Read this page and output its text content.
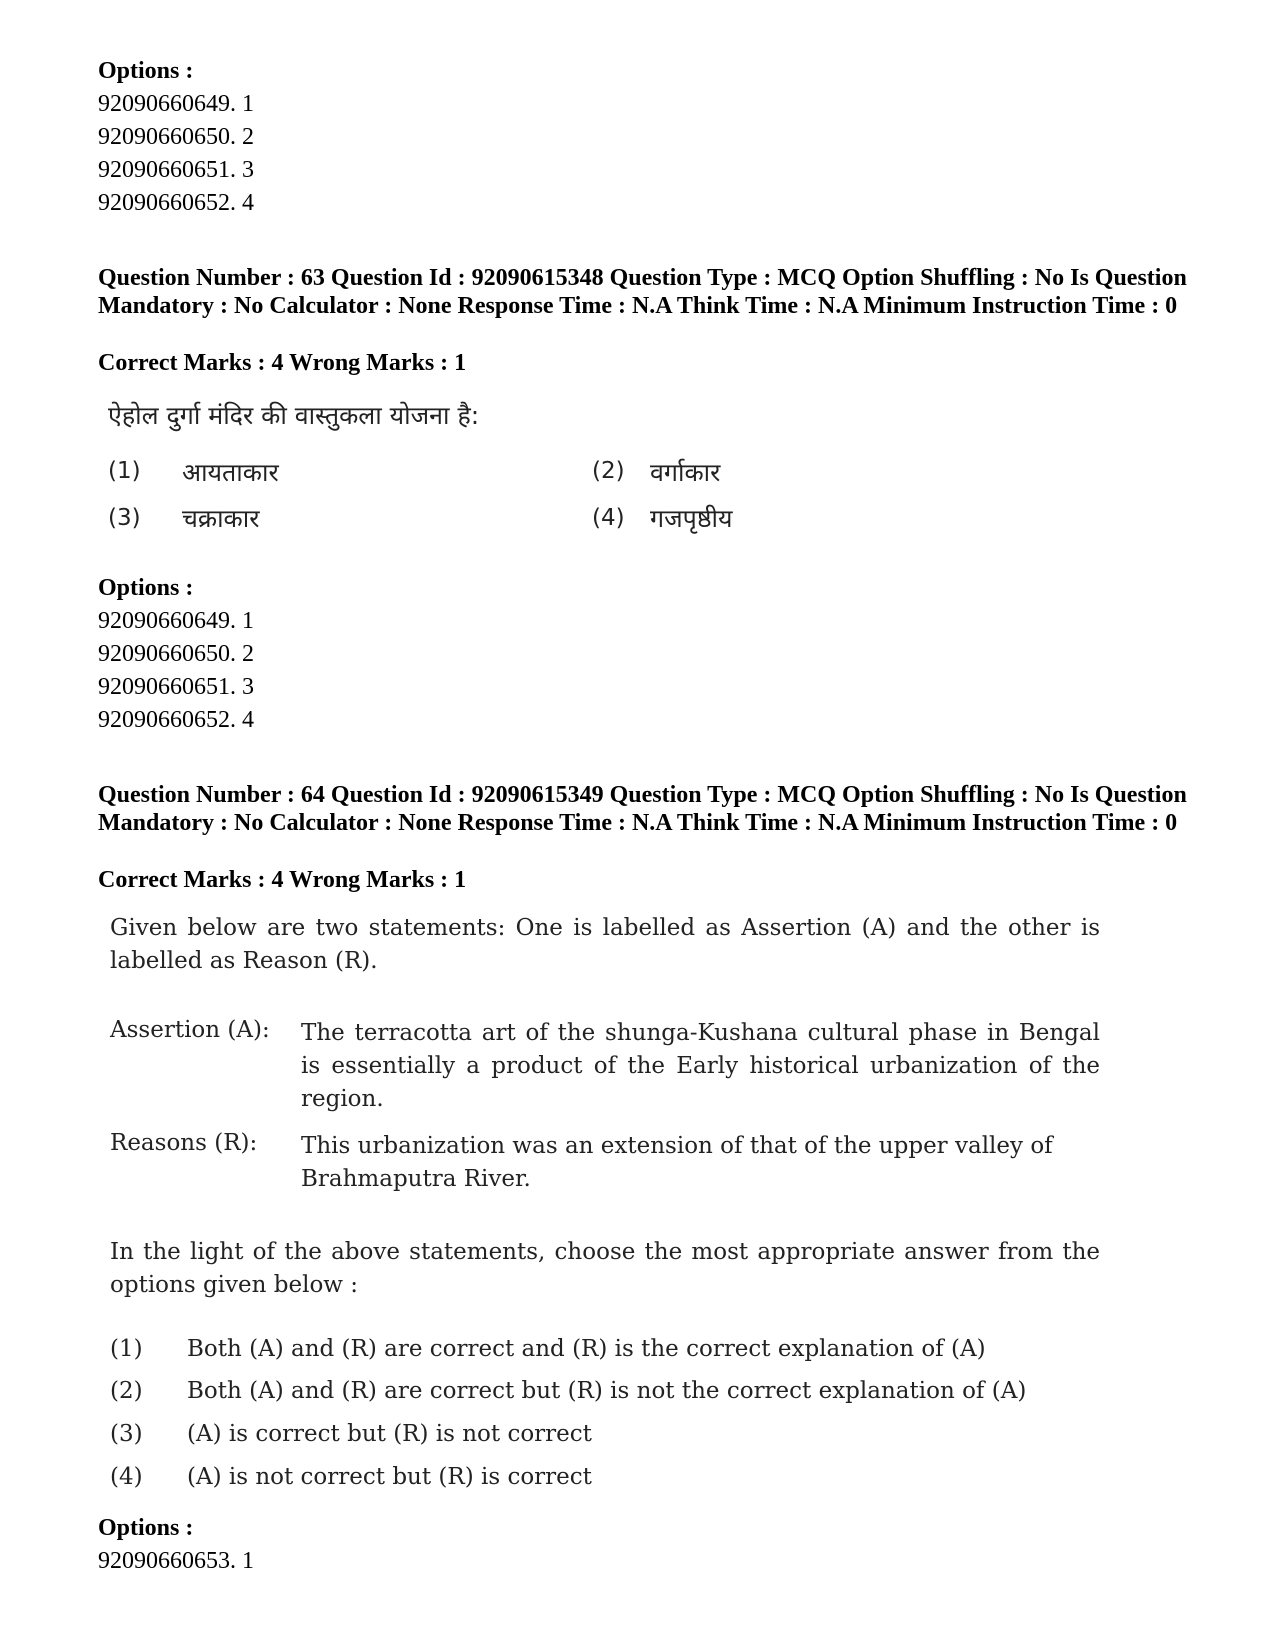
Options :
92090660649. 1
92090660650. 2
92090660651. 3
92090660652. 4
Question Number : 63 Question Id : 92090615348 Question Type : MCQ Option Shuffling : No Is Question Mandatory : No Calculator : None Response Time : N.A Think Time : N.A Minimum Instruction Time : 0
Correct Marks : 4 Wrong Marks : 1
ऐहोल दुर्गा मंदिर की वास्तुकला योजना है:
(1) आयताकार	(2) वर्गाकार
(3) चक्राकार	(4) गजपृष्ठीय
Options :
92090660649. 1
92090660650. 2
92090660651. 3
92090660652. 4
Question Number : 64 Question Id : 92090615349 Question Type : MCQ Option Shuffling : No Is Question Mandatory : No Calculator : None Response Time : N.A Think Time : N.A Minimum Instruction Time : 0
Correct Marks : 4 Wrong Marks : 1
Given below are two statements: One is labelled as Assertion (A) and the other is labelled as Reason (R).
Assertion (A): The terracotta art of the shunga-Kushana cultural phase in Bengal is essentially a product of the Early historical urbanization of the region.
Reasons (R): This urbanization was an extension of that of the upper valley of Brahmaputra River.
In the light of the above statements, choose the most appropriate answer from the options given below :
(1) Both (A) and (R) are correct and (R) is the correct explanation of (A)
(2) Both (A) and (R) are correct but (R) is not the correct explanation of (A)
(3) (A) is correct but (R) is not correct
(4) (A) is not correct but (R) is correct
Options :
92090660653. 1
